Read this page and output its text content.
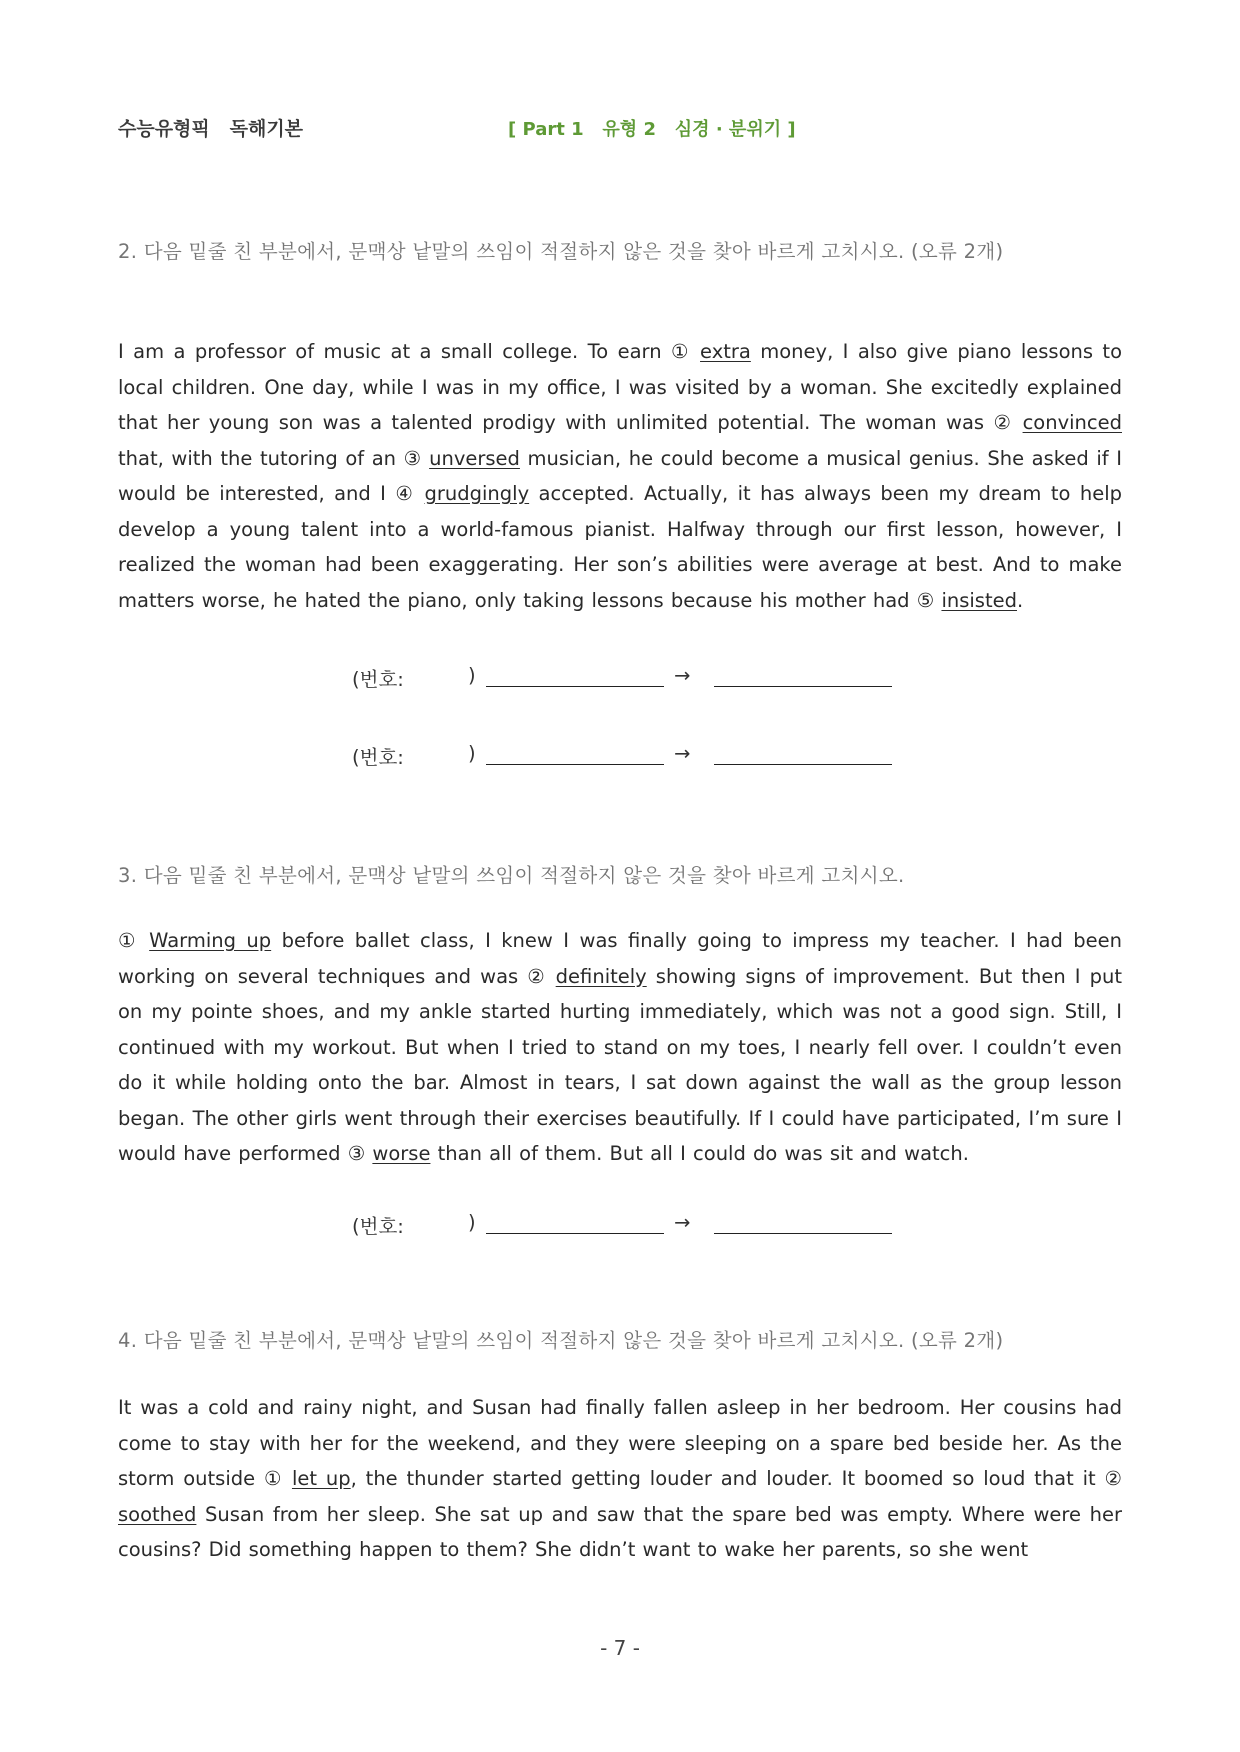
수능유형픽   독해기본	[ Part 1   유형 2   심경 · 분위기 ]
2. 다음 밑줄 친 부분에서, 문맥상 낱말의 쓰임이 적절하지 않은 것을 찾아 바르게 고치시오. (오류 2개)
I am a professor of music at a small college. To earn ① extra money, I also give piano lessons to local children. One day, while I was in my office, I was visited by a woman. She excitedly explained that her young son was a talented prodigy with unlimited potential. The woman was ② convinced that, with the tutoring of an ③ unversed musician, he could become a musical genius. She asked if I would be interested, and I ④ grudgingly accepted. Actually, it has always been my dream to help develop a young talent into a world-famous pianist. Halfway through our first lesson, however, I realized the woman had been exaggerating. Her son’s abilities were average at best. And to make matters worse, he hated the piano, only taking lessons because his mother had ⑤ insisted.
(번호:	)	→
(번호:	)	→
3. 다음 밑줄 친 부분에서, 문맥상 낱말의 쓰임이 적절하지 않은 것을 찾아 바르게 고치시오.
① Warming up before ballet class, I knew I was finally going to impress my teacher. I had been working on several techniques and was ② definitely showing signs of improvement. But then I put on my pointe shoes, and my ankle started hurting immediately, which was not a good sign. Still, I continued with my workout. But when I tried to stand on my toes, I nearly fell over. I couldn’t even do it while holding onto the bar. Almost in tears, I sat down against the wall as the group lesson began. The other girls went through their exercises beautifully. If I could have participated, I’m sure I would have performed ③ worse than all of them. But all I could do was sit and watch.
(번호:	)	→
4. 다음 밑줄 친 부분에서, 문맥상 낱말의 쓰임이 적절하지 않은 것을 찾아 바르게 고치시오. (오류 2개)
It was a cold and rainy night, and Susan had finally fallen asleep in her bedroom. Her cousins had come to stay with her for the weekend, and they were sleeping on a spare bed beside her. As the storm outside ① let up, the thunder started getting louder and louder. It boomed so loud that it ② soothed Susan from her sleep. She sat up and saw that the spare bed was empty. Where were her cousins? Did something happen to them? She didn’t want to wake her parents, so she went
- 7 -
